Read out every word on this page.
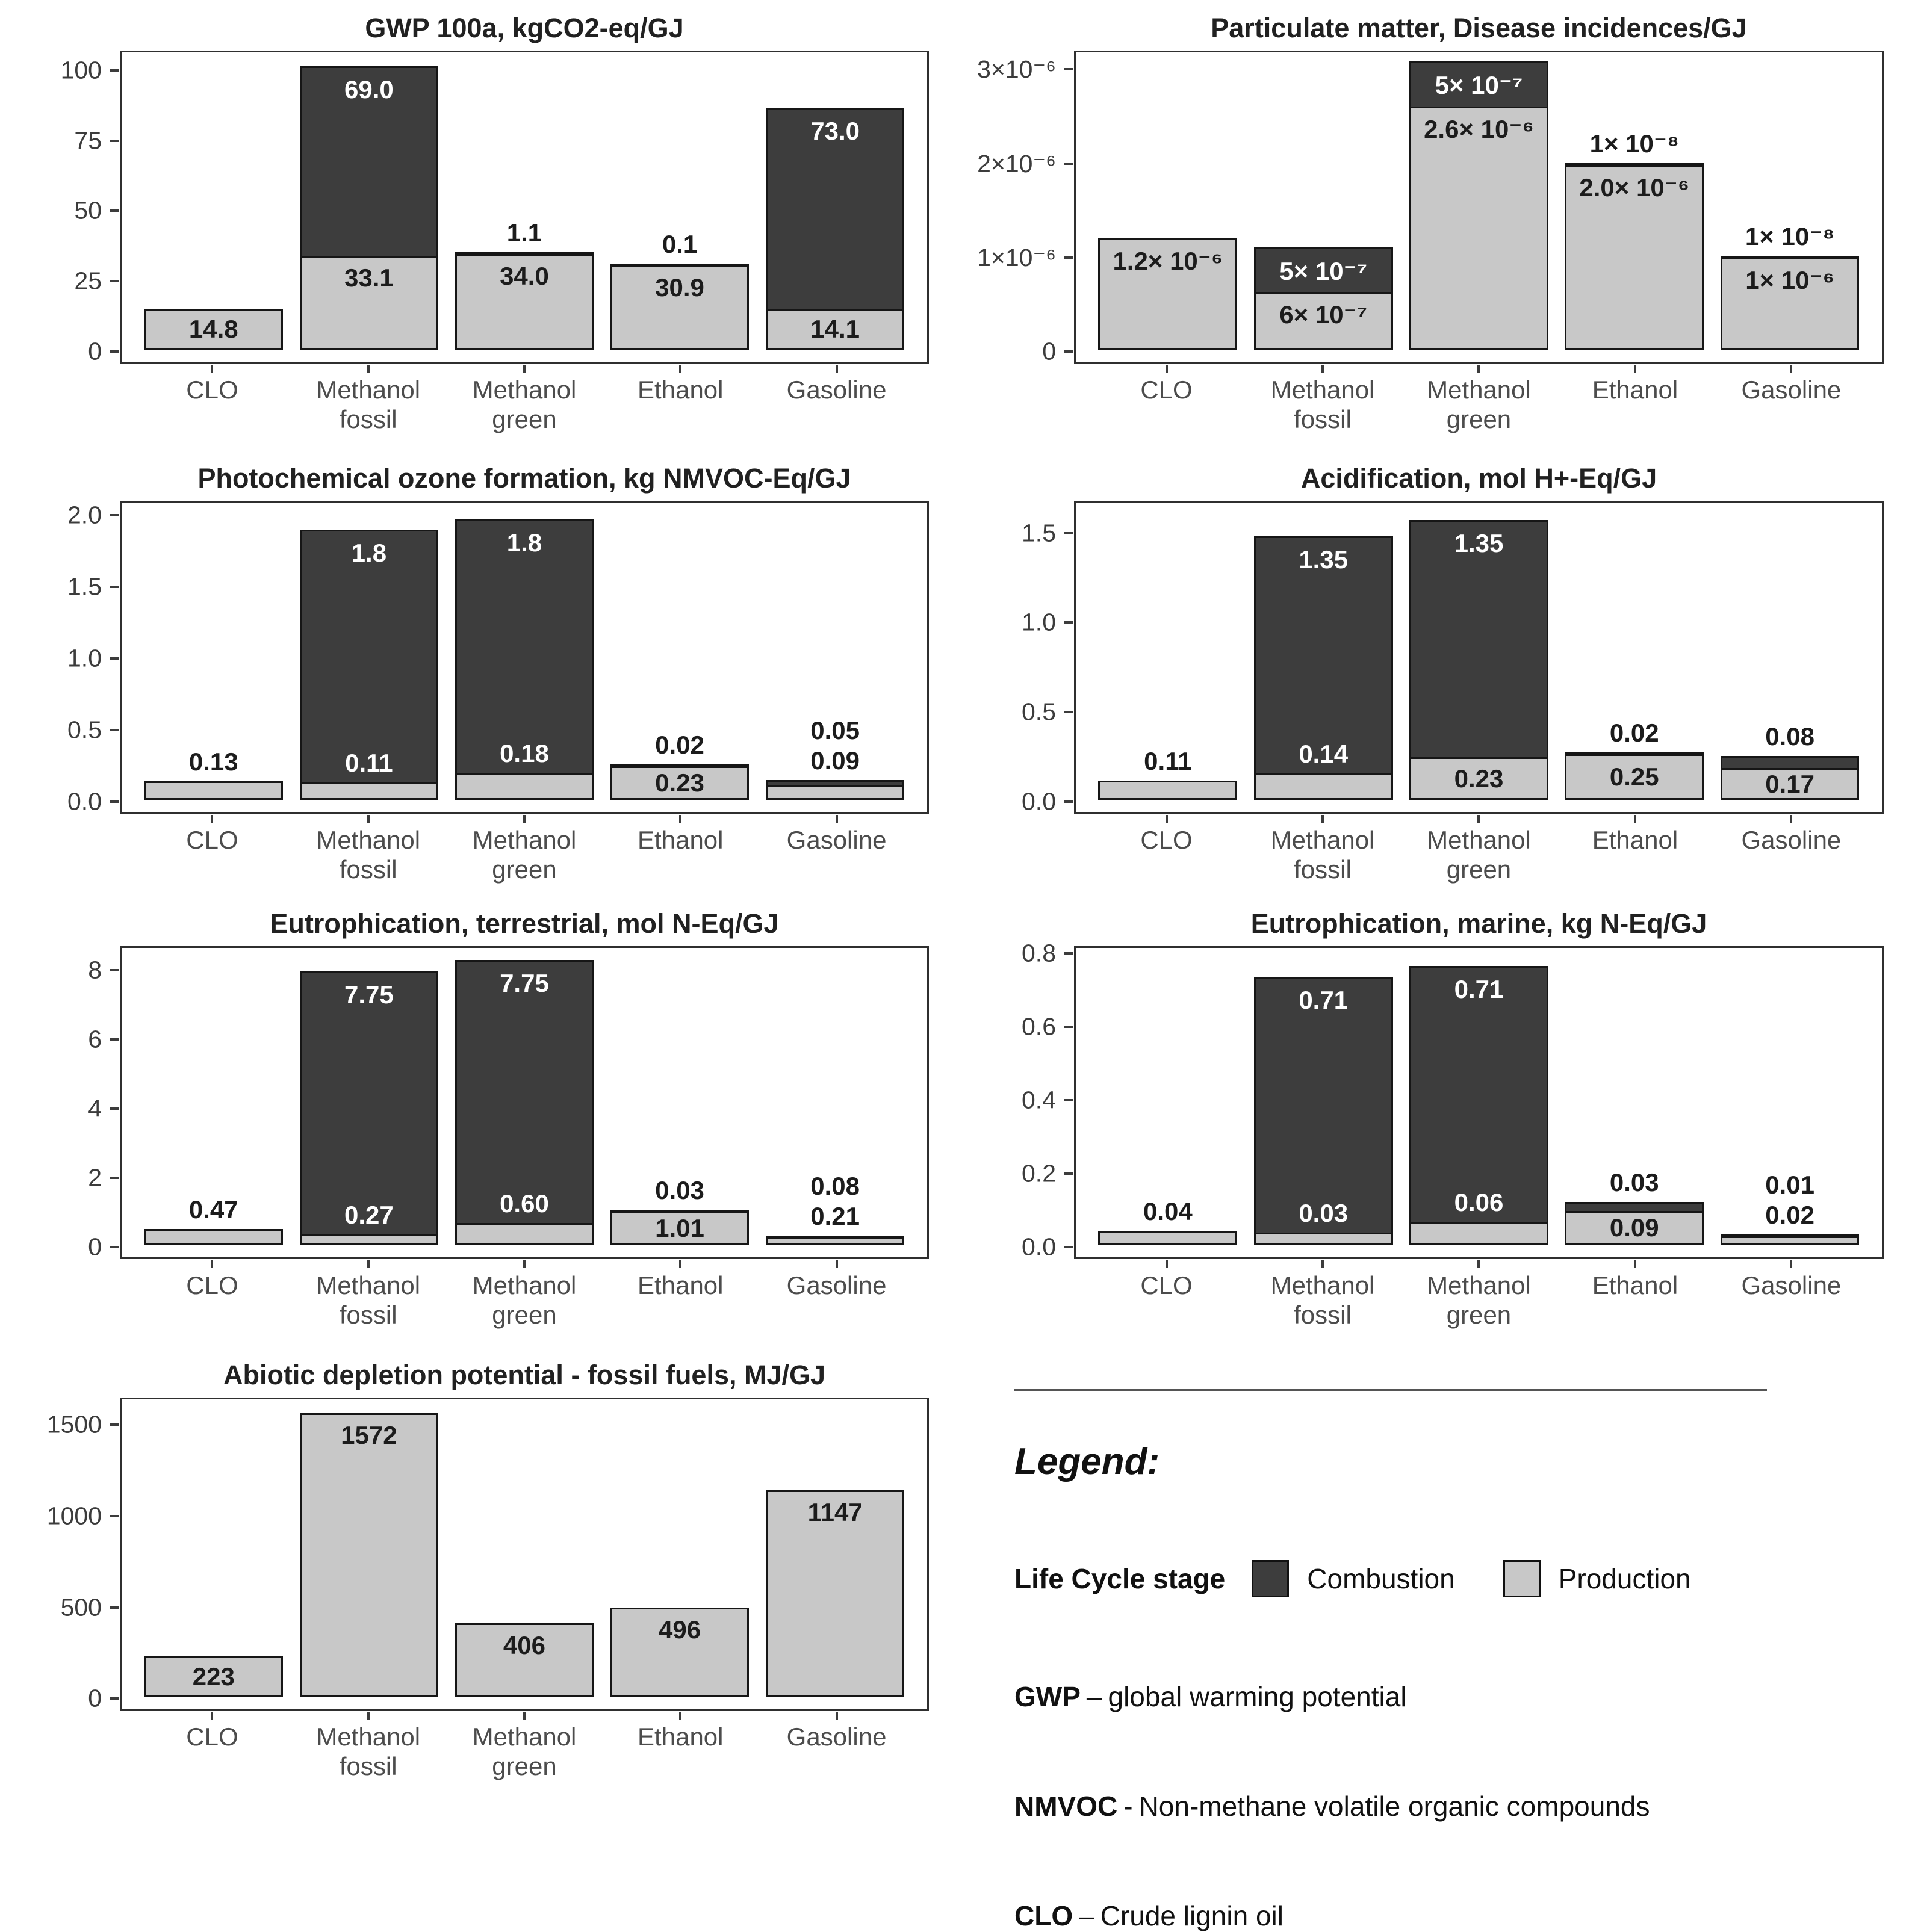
GWP 100a, kgCO2-eq/GJ
0
25
50
75
100
14.8
69.0
33.1	34.0
1.1
30.9
0.1
73.0
14.1
CLO	Methanol
fossil
Methanol
green
Ethanol	Gasoline
Particulate matter, Disease incidences/GJ
0
1×10⁻⁶
2×10⁻⁶
3×10⁻⁶
1.2× 10⁻⁶	5× 10⁻⁷
6× 10⁻⁷
5× 10⁻⁷
2.6× 10⁻⁶
2.0× 10⁻⁶
1× 10⁻⁸
1× 10⁻⁶
1× 10⁻⁸
CLO	Methanol
fossil
Methanol
green
Ethanol	Gasoline
Photochemical ozone formation, kg NMVOC-Eq/GJ
0.0
0.5
1.0
1.5
2.0
0.13
1.8
0.11
1.8
0.18
0.23
0.02
0.05
0.09
CLO	Methanol
fossil
Methanol
green
Ethanol	Gasoline
Acidification, mol H+-Eq/GJ
0.0
0.5
1.0
1.5
0.11
1.35
0.14
1.35
0.23	0.25
0.02
0.17
0.08
CLO	Methanol
fossil
Methanol
green
Ethanol	Gasoline
Eutrophication, terrestrial, mol N-Eq/GJ
0
2
4
6
8
0.47
7.75
0.27
7.75
0.60
1.01
0.03	0.08
0.21
CLO	Methanol
fossil
Methanol
green
Ethanol	Gasoline
Eutrophication, marine, kg N-Eq/GJ
0.0
0.2
0.4
0.6
0.8
0.04
0.71
0.03
0.71
0.06
0.09
0.03	0.01
0.02
CLO	Methanol
fossil
Methanol
green
Ethanol	Gasoline
Abiotic depletion potential - fossil fuels, MJ/GJ
0
500
1000
1500
223
1572
406
496
1147
CLO	Methanol
fossil
Methanol
green
Ethanol	Gasoline
Legend:
Life Cycle stage	Combustion	Production
GWP – global warming potential
NMVOC - Non-methane volatile organic compounds
CLO – Crude lignin oil
